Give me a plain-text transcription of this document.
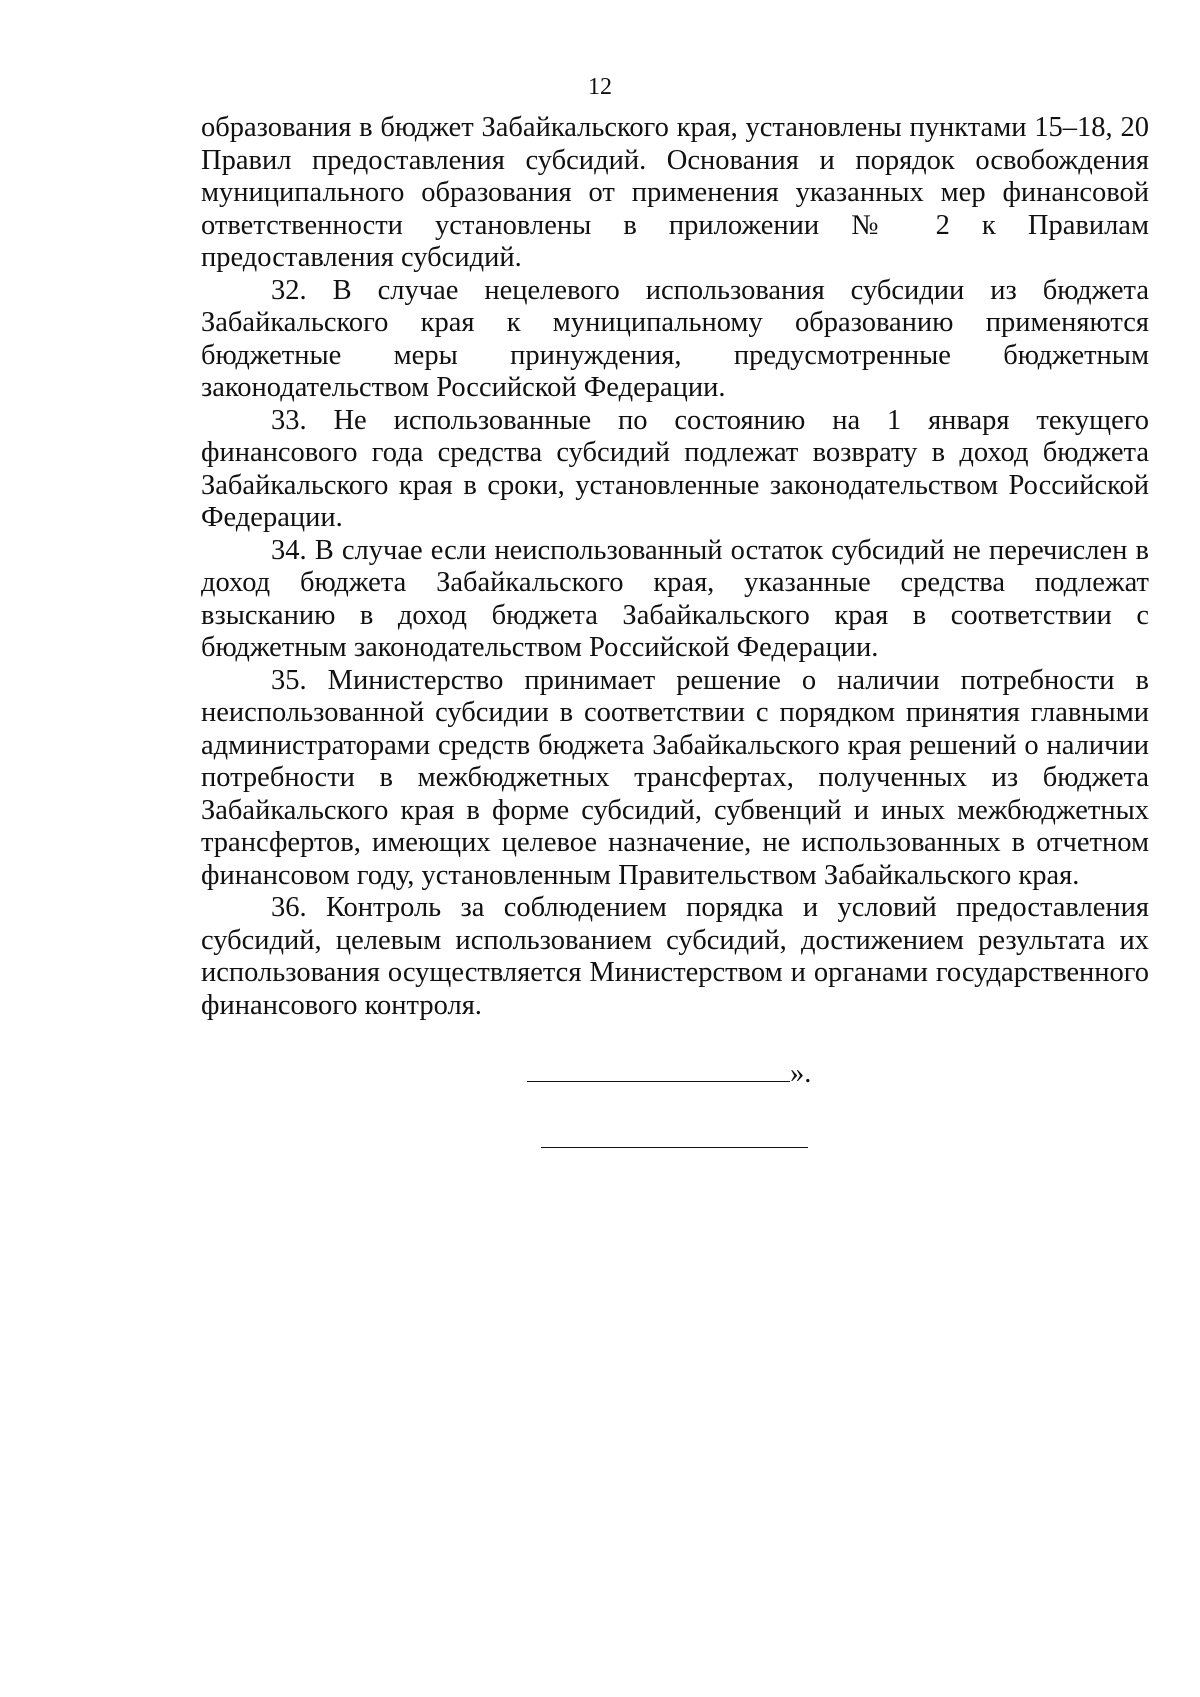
12

образования в бюджет Забайкальского края, установлены пунктами 15–18, 20 Правил предоставления субсидий. Основания и порядок освобождения муниципального образования от применения указанных мер финансовой ответственности установлены в приложении № 2 к Правилам предоставления субсидий.

32. В случае нецелевого использования субсидии из бюджета Забайкальского края к муниципальному образованию применяются бюджетные меры принуждения, предусмотренные бюджетным законодательством Российской Федерации.

33. Не использованные по состоянию на 1 января текущего финансового года средства субсидий подлежат возврату в доход бюджета Забайкальского края в сроки, установленные законодательством Российской Федерации.

34. В случае если неиспользованный остаток субсидий не перечислен в доход бюджета Забайкальского края, указанные средства подлежат взысканию в доход бюджета Забайкальского края в соответствии с бюджетным законодательством Российской Федерации.

35. Министерство принимает решение о наличии потребности в неиспользованной субсидии в соответствии с порядком принятия главными администраторами средств бюджета Забайкальского края решений о наличии потребности в межбюджетных трансфертах, полученных из бюджета Забайкальского края в форме субсидий, субвенций и иных межбюджетных трансфертов, имеющих целевое назначение, не использованных в отчетном финансовом году, установленным Правительством Забайкальского края.

36. Контроль за соблюдением порядка и условий предоставления субсидий, целевым использованием субсидий, достижением результата их использования осуществляется Министерством и органами государственного финансового контроля.

».
